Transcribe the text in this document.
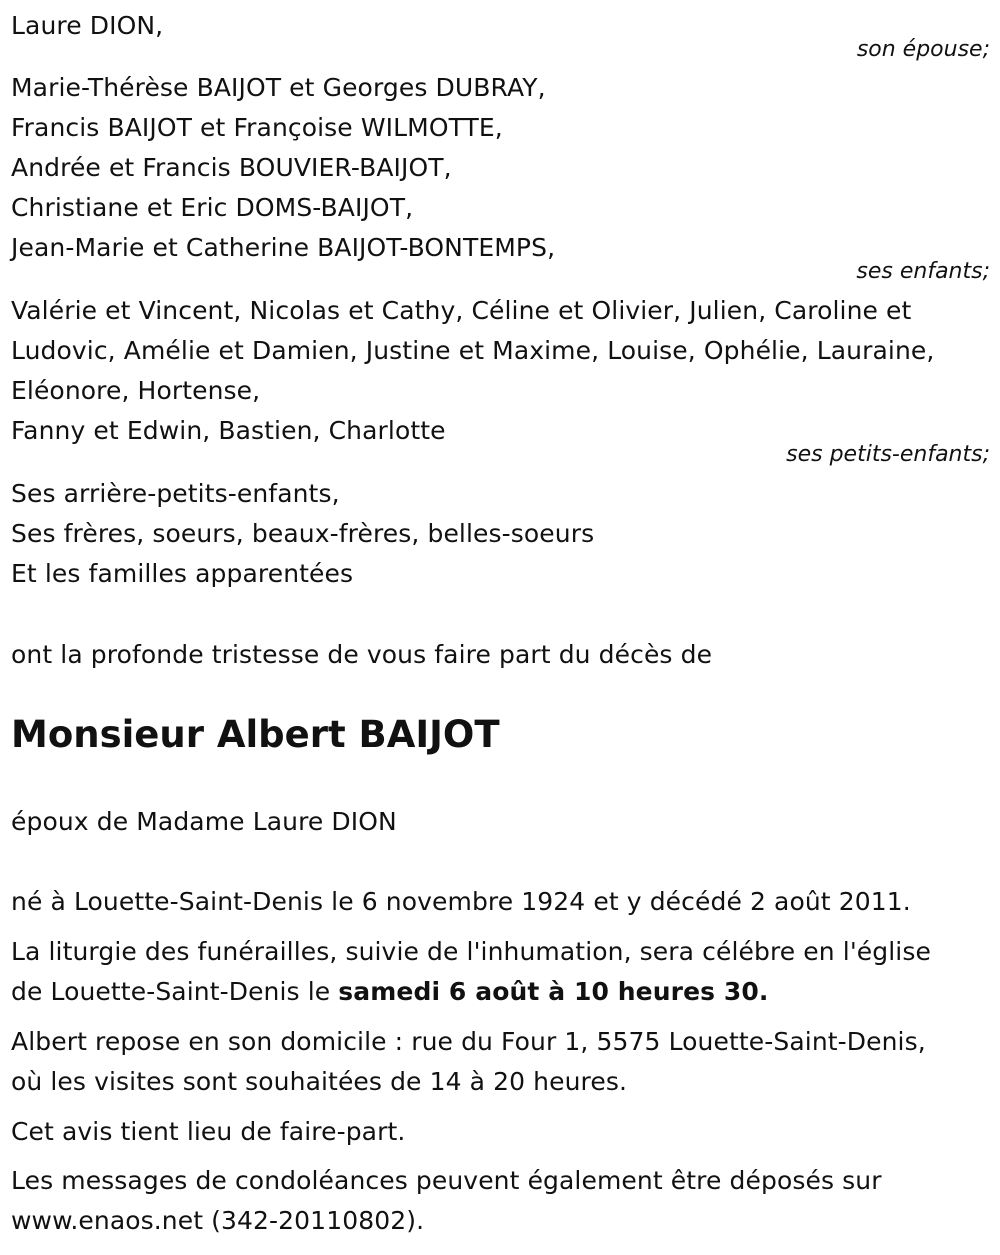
Laure DION,
son épouse;
Marie-Thérèse BAIJOT et Georges DUBRAY,
Francis BAIJOT et Françoise WILMOTTE,
Andrée et Francis BOUVIER-BAIJOT,
Christiane et Eric DOMS-BAIJOT,
Jean-Marie et Catherine BAIJOT-BONTEMPS,
ses enfants;
Valérie et Vincent, Nicolas et Cathy, Céline et Olivier, Julien, Caroline et
Ludovic, Amélie et Damien, Justine et Maxime, Louise, Ophélie, Lauraine,
Eléonore, Hortense,
Fanny et Edwin, Bastien, Charlotte
ses petits-enfants;
Ses arrière-petits-enfants,
Ses frères, soeurs, beaux-frères, belles-soeurs
Et les familles apparentées
ont la profonde tristesse de vous faire part du décès de
Monsieur Albert BAIJOT
époux de Madame Laure DION
né à Louette-Saint-Denis le 6 novembre 1924 et y décédé 2 août 2011.
La liturgie des funérailles, suivie de l'inhumation, sera célébre en l'église
de Louette-Saint-Denis le samedi 6 août à 10 heures 30.
Albert repose en son domicile : rue du Four 1, 5575 Louette-Saint-Denis,
où les visites sont souhaitées de 14 à 20 heures.
Cet avis tient lieu de faire-part.
Les messages de condoléances peuvent également être déposés sur
www.enaos.net (342-20110802).
